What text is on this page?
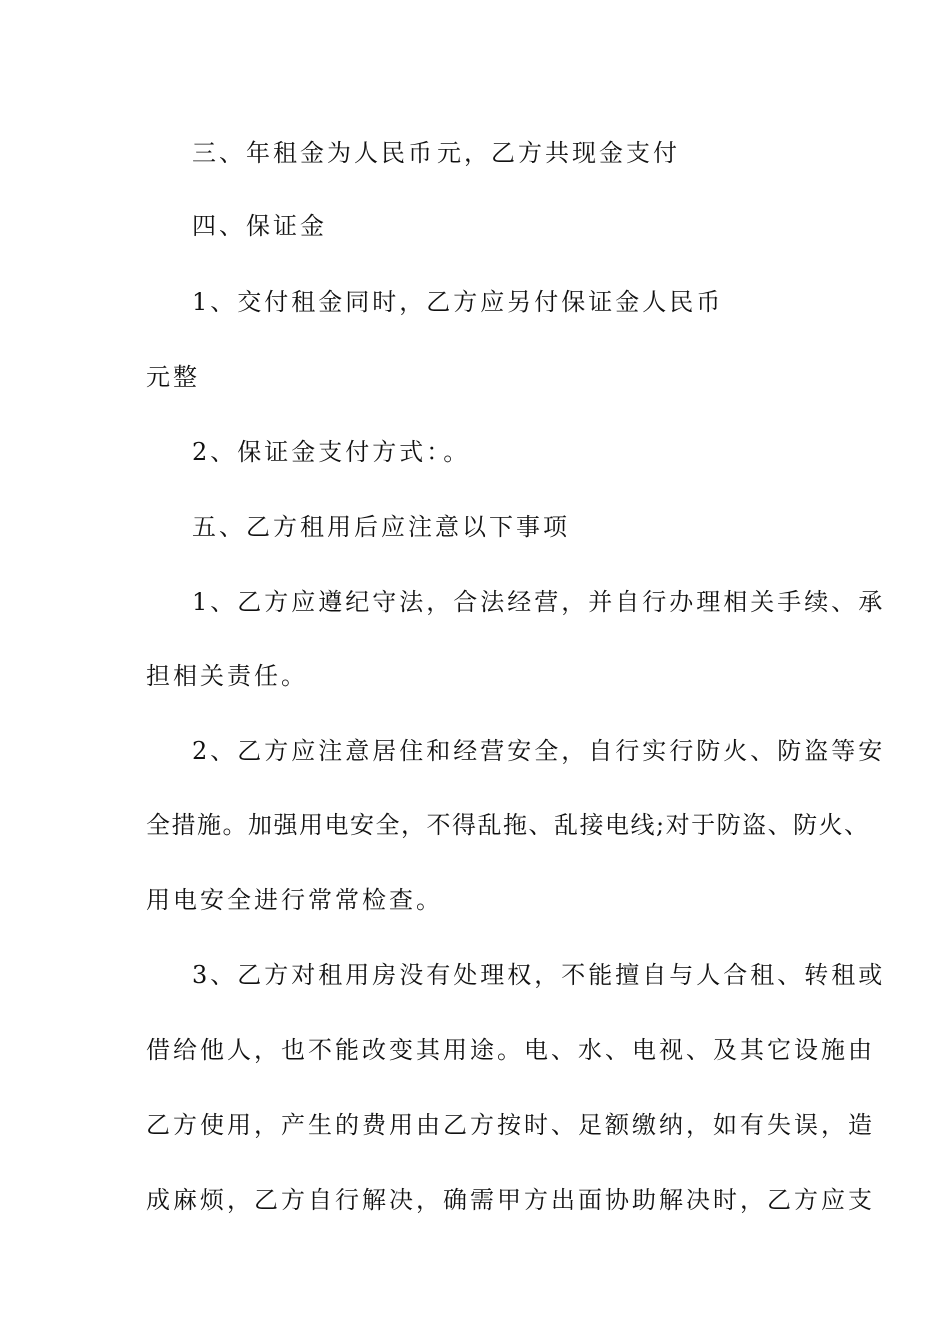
三、年租金为人民币元，乙方共现金支付
四、保证金
1、交付租金同时，乙方应另付保证金人民币
元整
2、保证金支付方式：。
五、乙方租用后应注意以下事项
1、乙方应遵纪守法，合法经营，并自行办理相关手续、承
担相关责任。
2、乙方应注意居住和经营安全，自行实行防火、防盗等安
全措施。加强用电安全，不得乱拖、乱接电线;对于防盗、防火、
用电安全进行常常检查。
3、乙方对租用房没有处理权，不能擅自与人合租、转租或
借给他人，也不能改变其用途。电、水、电视、及其它设施由
乙方使用，产生的费用由乙方按时、足额缴纳，如有失误，造
成麻烦，乙方自行解决，确需甲方出面协助解决时，乙方应支
